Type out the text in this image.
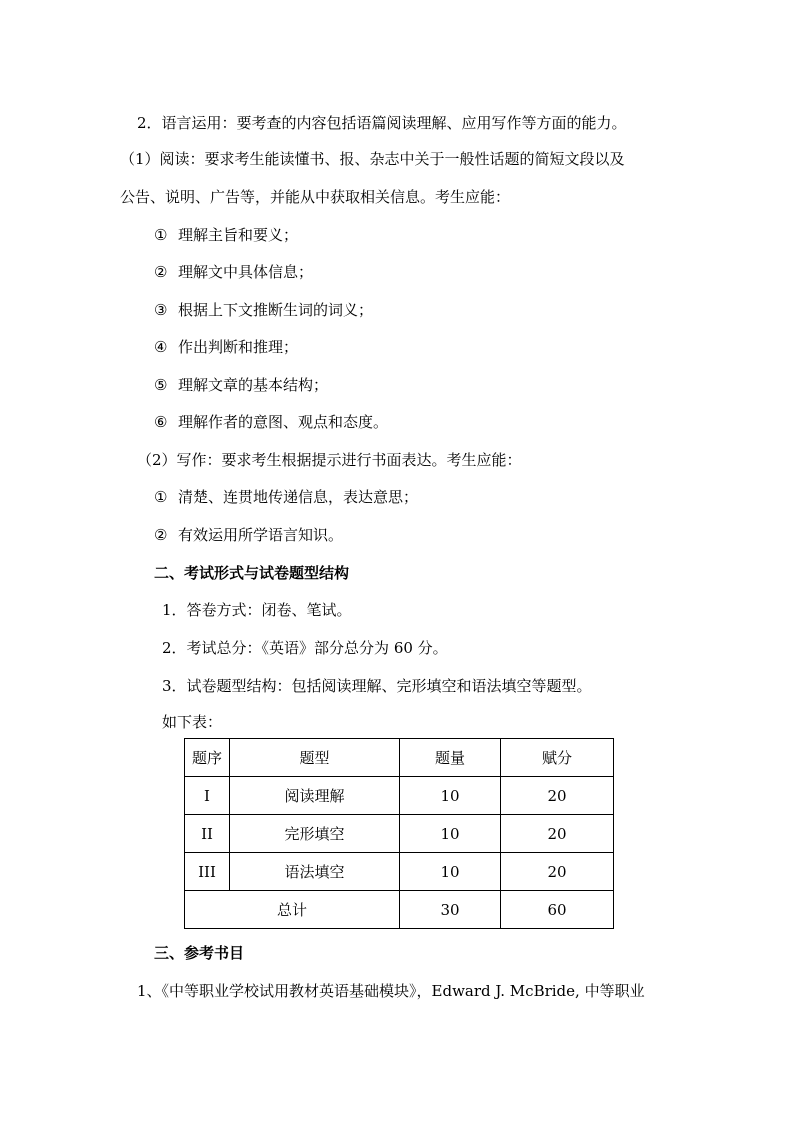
2．语言运用：要考查的内容包括语篇阅读理解、应用写作等方面的能力。
（1）阅读：要求考生能读懂书、报、杂志中关于一般性话题的简短文段以及
公告、说明、广告等，并能从中获取相关信息。考生应能：
① 理解主旨和要义；
② 理解文中具体信息；
③ 根据上下文推断生词的词义；
④ 作出判断和推理；
⑤ 理解文章的基本结构；
⑥ 理解作者的意图、观点和态度。
（2）写作：要求考生根据提示进行书面表达。考生应能：
① 清楚、连贯地传递信息，表达意思；
② 有效运用所学语言知识。
二、考试形式与试卷题型结构
1．答卷方式：闭卷、笔试。
2．考试总分：《英语》部分总分为 60 分。
3．试卷题型结构：包括阅读理解、完形填空和语法填空等题型。
如下表：
题序	题型	题量	赋分
I	阅读理解	10	20
II	完形填空	10	20
III	语法填空	10	20
总计		30	60
三、参考书目
1、《中等职业学校试用教材英语基础模块》，Edward J. McBride, 中等职业
